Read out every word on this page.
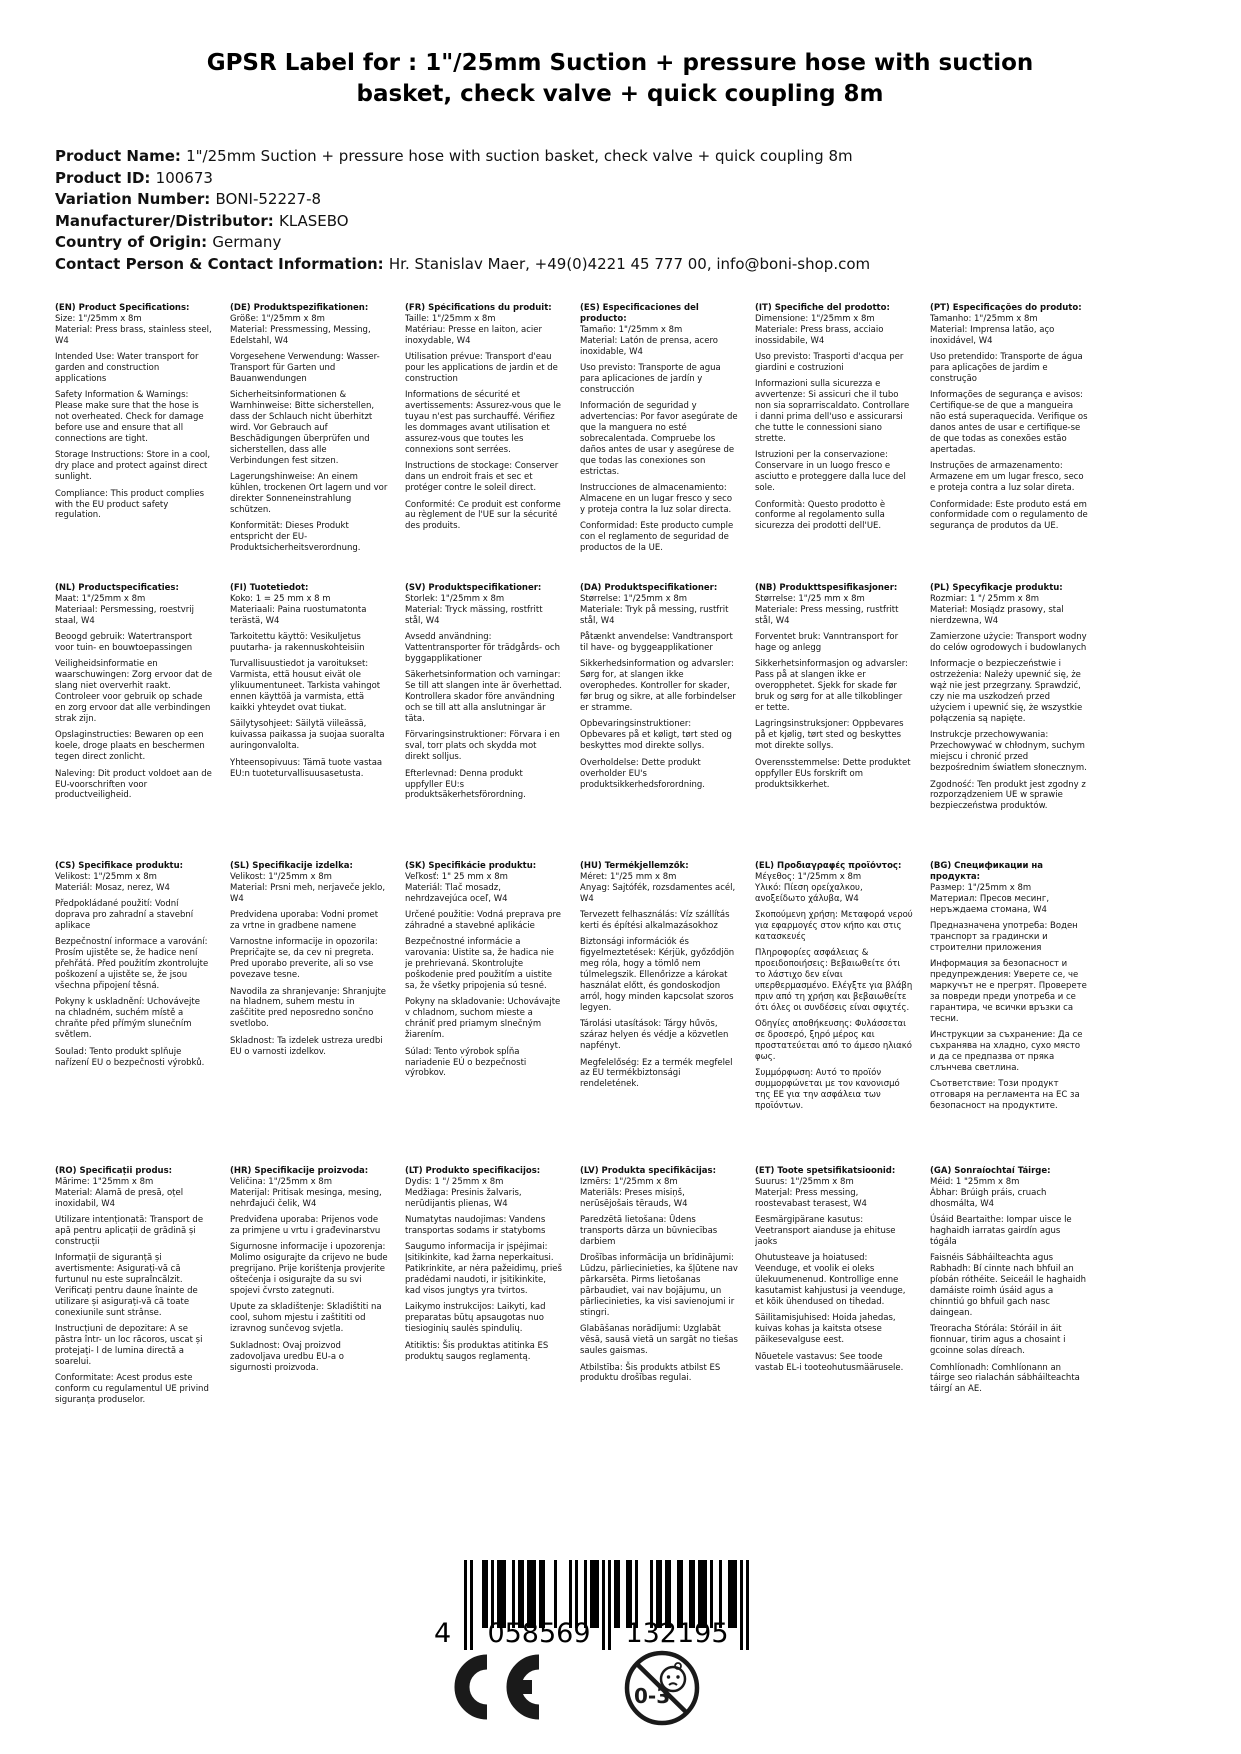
GPSR Label for : 1"/25mm Suction + pressure hose with suction basket, check valve + quick coupling 8m
Product Name: 1"/25mm Suction + pressure hose with suction basket, check valve + quick coupling 8m
Product ID: 100673
Variation Number: BONI-52227-8
Manufacturer/Distributor: KLASEBO
Country of Origin: Germany
Contact Person & Contact Information: Hr. Stanislav Maer, +49(0)4221 45 777 00, info@boni-shop.com
(EN) Product Specifications:
Size: 1"/25mm x 8m
Material: Press brass, stainless steel, W4
Intended Use: Water transport for garden and construction applications
Safety Information & Warnings: Please make sure that the hose is not overheated. Check for damage before use and ensure that all connections are tight.
Storage Instructions: Store in a cool, dry place and protect against direct sunlight.
Compliance: This product complies with the EU product safety regulation.
(DE) Produktspezifikationen:
Größe: 1"/25mm x 8m
Material: Pressmessing, Messing, Edelstahl, W4
Vorgesehene Verwendung: Wasser-Transport für Garten und Bauanwendungen
Sicherheitsinformationen & Warnhinweise: Bitte sicherstellen, dass der Schlauch nicht überhitzt wird. Vor Gebrauch auf Beschädigungen überprüfen und sicherstellen, dass alle Verbindungen fest sitzen.
Lagerungshinweise: An einem kühlen, trockenen Ort lagern und vor direkter Sonneneinstrahlung schützen.
Konformität: Dieses Produkt entspricht der EU-Produktsicherheitsverordnung.
(FR) Spécifications du produit:
Taille: 1"/25mm x 8m
Matériau: Presse en laiton, acier inoxydable, W4
Utilisation prévue: Transport d'eau pour les applications de jardin et de construction
Informations de sécurité et avertissements: Assurez-vous que le tuyau n'est pas surchauffé. Vérifiez les dommages avant utilisation et assurez-vous que toutes les connexions sont serrées.
Instructions de stockage: Conserver dans un endroit frais et sec et protéger contre le soleil direct.
Conformité: Ce produit est conforme au règlement de l'UE sur la sécurité des produits.
(ES) Especificaciones del producto:
Tamaño: 1"/25mm x 8m
Material: Latón de prensa, acero inoxidable, W4
Uso previsto: Transporte de agua para aplicaciones de jardín y construcción
Información de seguridad y advertencias: Por favor asegúrate de que la manguera no esté sobrecalentada. Compruebe los daños antes de usar y asegúrese de que todas las conexiones son estrictas.
Instrucciones de almacenamiento: Almacene en un lugar fresco y seco y proteja contra la luz solar directa.
Conformidad: Este producto cumple con el reglamento de seguridad de productos de la UE.
(IT) Specifiche del prodotto:
Dimensione: 1"/25mm x 8m
Materiale: Press brass, acciaio inossidabile, W4
Uso previsto: Trasporti d'acqua per giardini e costruzioni
Informazioni sulla sicurezza e avvertenze: Si assicuri che il tubo non sia soprarriscaldato. Controllare i danni prima dell'uso e assicurarsi che tutte le connessioni siano strette.
Istruzioni per la conservazione: Conservare in un luogo fresco e asciutto e proteggere dalla luce del sole.
Conformità: Questo prodotto è conforme al regolamento sulla sicurezza dei prodotti dell'UE.
(PT) Especificações do produto:
Tamanho: 1"/25mm x 8m
Material: Imprensa latão, aço inoxidável, W4
Uso pretendido: Transporte de água para aplicações de jardim e construção
Informações de segurança e avisos: Certifique-se de que a mangueira não está superaquecida. Verifique os danos antes de usar e certifique-se de que todas as conexões estão apertadas.
Instruções de armazenamento: Armazene em um lugar fresco, seco e proteja contra a luz solar direta.
Conformidade: Este produto está em conformidade com o regulamento de segurança de produtos da UE.
(NL) Productspecificaties:
Maat: 1"/25mm x 8m
Materiaal: Persmessing, roestvrij staal, W4
Beoogd gebruik: Watertransport voor tuin- en bouwtoepassingen
Veiligheidsinformatie en waarschuwingen: Zorg ervoor dat de slang niet oververhit raakt. Controleer voor gebruik op schade en zorg ervoor dat alle verbindingen strak zijn.
Opslaginstructies: Bewaren op een koele, droge plaats en beschermen tegen direct zonlicht.
Naleving: Dit product voldoet aan de EU-voorschriften voor productveiligheid.
(FI) Tuotetiedot:
Koko: 1 = 25 mm x 8 m
Materiaali: Paina ruostumatonta terästä, W4
Tarkoitettu käyttö: Vesikuljetus puutarha- ja rakennuskohteisiin
Turvallisuustiedot ja varoitukset: Varmista, että housut eivät ole ylikuumentuneet. Tarkista vahingot ennen käyttöä ja varmista, että kaikki yhteydet ovat tiukat.
Säilytysohjeet: Säilytä viileässä, kuivassa paikassa ja suojaa suoralta auringonvalolta.
Yhteensopivuus: Tämä tuote vastaa EU:n tuoteturvallisuusasetusta.
(SV) Produktspecifikationer:
Storlek: 1"/25mm x 8m
Material: Tryck mässing, rostfritt stål, W4
Avsedd användning: Vattentransporter för trädgårds- och byggapplikationer
Säkerhetsinformation och varningar: Se till att slangen inte är överhettad. Kontrollera skador före användning och se till att alla anslutningar är täta.
Förvaringsinstruktioner: Förvara i en sval, torr plats och skydda mot direkt solljus.
Efterlevnad: Denna produkt uppfyller EU:s produktsäkerhetsförordning.
(DA) Produktspecifikationer:
Størrelse: 1"/25mm x 8m
Materiale: Tryk på messing, rustfrit stål, W4
Påtænkt anvendelse: Vandtransport til have- og byggeapplikationer
Sikkerhedsinformation og advarsler: Sørg for, at slangen ikke overophedes. Kontroller for skader, før brug og sikre, at alle forbindelser er stramme.
Opbevaringsinstruktioner: Opbevares på et køligt, tørt sted og beskyttes mod direkte sollys.
Overholdelse: Dette produkt overholder EU's produktsikkerhedsforordning.
(NB) Produkttspesifikasjoner:
Størrelse: 1"/25 mm x 8m
Materiale: Press messing, rustfritt stål, W4
Forventet bruk: Vanntransport for hage og anlegg
Sikkerhetsinformasjon og advarsler: Pass på at slangen ikke er overopphetet. Sjekk for skade før bruk og sørg for at alle tilkoblinger er tette.
Lagringsinstruksjoner: Oppbevares på et kjølig, tørt sted og beskyttes mot direkte sollys.
Overensstemmelse: Dette produktet oppfyller EUs forskrift om produktsikkerhet.
(PL) Specyfikacje produktu:
Rozmiar: 1 "/ 25mm x 8m
Materiał: Mosiądz prasowy, stal nierdzewna, W4
Zamierzone użycie: Transport wodny do celów ogrodowych i budowlanych
Informacje o bezpieczeństwie i ostrzeżenia: Należy upewnić się, że wąż nie jest przegrzany. Sprawdzić, czy nie ma uszkodzeń przed użyciem i upewnić się, że wszystkie połączenia są napięte.
Instrukcje przechowywania: Przechowywać w chłodnym, suchym miejscu i chronić przed bezpośrednim światłem słonecznym.
Zgodność: Ten produkt jest zgodny z rozporządzeniem UE w sprawie bezpieczeństwa produktów.
(CS) Specifikace produktu:
Velikost: 1"/25mm x 8m
Materiál: Mosaz, nerez, W4
Předpokládané použití: Vodní doprava pro zahradní a stavební aplikace
Bezpečnostní informace a varování: Prosím ujistěte se, že hadice není přehřátá. Před použitím zkontrolujte poškození a ujistěte se, že jsou všechna připojení těsná.
Pokyny k uskladnění: Uchovávejte na chladném, suchém místě a chraňte před přímým slunečním světlem.
Soulad: Tento produkt splňuje nařízení EU o bezpečnosti výrobků.
(SL) Specifikacije izdelka:
Velikost: 1"/25mm x 8m
Material: Prsni meh, nerjaveče jeklo, W4
Predvidena uporaba: Vodni promet za vrtne in gradbene namene
Varnostne informacije in opozorila: Prepričajte se, da cev ni pregreta. Pred uporabo preverite, ali so vse povezave tesne.
Navodila za shranjevanje: Shranjujte na hladnem, suhem mestu in zaščitite pred neposredno sončno svetlobo.
Skladnost: Ta izdelek ustreza uredbi EU o varnosti izdelkov.
(SK) Špecifikácie produktu:
Veľkosť: 1" 25 mm x 8m
Materiál: Tlač mosadz, nehrdzavejúca oceľ, W4
Určené použitie: Vodná preprava pre záhradné a stavebné aplikácie
Bezpečnostné informácie a varovania: Uistite sa, že hadica nie je prehrievaná. Skontrolujte poškodenie pred použitím a uistite sa, že všetky pripojenia sú tesné.
Pokyny na skladovanie: Uchovávajte v chladnom, suchom mieste a chrániť pred priamym slnečným žiarením.
Súlad: Tento výrobok spĺňa nariadenie EÚ o bezpečnosti výrobkov.
(HU) Termékjellemzők:
Méret: 1"/25 mm x 8m
Anyag: Sajtófék, rozsdamentes acél, W4
Tervezett felhasználás: Víz szállítás kerti és építési alkalmazásokhoz
Biztonsági információk és figyelmeztetések: Kérjük, győződjön meg róla, hogy a tömlő nem túlmelegszik. Ellenőrizze a károkat használat előtt, és gondoskodjon arról, hogy minden kapcsolat szoros legyen.
Tárolási utasítások: Tárgy hűvös, száraz helyen és védje a közvetlen napfényt.
Megfelelőség: Ez a termék megfelel az EU termékbiztonsági rendeletének.
(EL) Προδιαγραφές προϊόντος:
Μέγεθος: 1"/25mm x 8m
Υλικό: Πίεση ορείχαλκου, ανοξείδωτο χάλυβα, W4
Σκοπούμενη χρήση: Μεταφορά νερού για εφαρμογές στον κήπο και στις κατασκευές
Πληροφορίες ασφάλειας & προειδοποιήσεις: Βεβαιωθείτε ότι το λάστιχο δεν είναι υπερθερμασμένο. Ελέγξτε για βλάβη πριν από τη χρήση και βεβαιωθείτε ότι όλες οι συνδέσεις είναι σφιχτές.
Οδηγίες αποθήκευσης: Φυλάσσεται σε δροσερό, ξηρό μέρος και προστατεύεται από το άμεσο ηλιακό φως.
Συμμόρφωση: Αυτό το προϊόν συμμορφώνεται με τον κανονισμό της ΕΕ για την ασφάλεια των προϊόντων.
(BG) Спецификации на продукта:
Размер: 1"/25mm x 8m
Материал: Пресов месинг, неръждаема стомана, W4
Предназначена употреба: Воден транспорт за градински и строителни приложения
Информация за безопасност и предупреждения: Уверете се, че маркучът не е прегрят. Проверете за повреди преди употреба и се гарантира, че всички връзки са тесни.
Инструкции за съхранение: Да се съхранява на хладно, сухо място и да се предпазва от пряка слънчева светлина.
Съответствие: Този продукт отговаря на регламента на ЕС за безопасност на продуктите.
(RO) Specificații produs:
Mărime: 1"25mm x 8m
Material: Alamă de presă, oțel inoxidabil, W4
Utilizare intenționată: Transport de apă pentru aplicații de grădină și construcții
Informații de siguranță și avertismente: Asigurați-vă că furtunul nu este supraîncălzit. Verificați pentru daune înainte de utilizare și asigurați-vă că toate conexiunile sunt strânse.
Instrucțiuni de depozitare: A se păstra într- un loc răcoros, uscat și protejați- l de lumina directă a soarelui.
Conformitate: Acest produs este conform cu regulamentul UE privind siguranța produselor.
(HR) Specifikacije proizvoda:
Veličina: 1"/25mm x 8m
Materijal: Pritisak mesinga, mesing, nehrđajući čelik, W4
Predviđena uporaba: Prijenos vode za primjene u vrtu i građevinarstvu
Sigurnosne informacije i upozorenja: Molimo osigurajte da crijevo ne bude pregrijano. Prije korištenja provjerite oštećenja i osigurajte da su svi spojevi čvrsto zategnuti.
Upute za skladištenje: Skladištiti na cool, suhom mjestu i zaštititi od izravnog sunčevog svjetla.
Sukladnost: Ovaj proizvod zadovoljava uredbu EU-a o sigurnosti proizvoda.
(LT) Produkto specifikacijos:
Dydis: 1 "/ 25mm x 8m
Medžiaga: Presinis žalvaris, nerūdijantis plienas, W4
Numatytas naudojimas: Vandens transportas sodams ir statyboms
Saugumo informacija ir įspėjimai: Įsitikinkite, kad žarna neperkaitusi. Patikrinkite, ar nėra pažeidimų, prieš pradėdami naudoti, ir įsitikinkite, kad visos jungtys yra tvirtos.
Laikymo instrukcijos: Laikyti, kad preparatas būtų apsaugotas nuo tiesioginių saulės spindulių.
Atitiktis: Šis produktas atitinka ES produktų saugos reglamentą.
(LV) Produkta specifikācijas:
Izmērs: 1"/25mm x 8m
Materiāls: Preses misiņš, nerūsējošais tērauds, W4
Paredzētā lietošana: Ūdens transports dārza un būvniecības darbiem
Drošības informācija un brīdinājumi: Lūdzu, pārliecinieties, ka šļūtene nav pārkarsēta. Pirms lietošanas pārbaudiet, vai nav bojājumu, un pārliecinieties, ka visi savienojumi ir stingri.
Glabāšanas norādījumi: Uzglabāt vēsā, sausā vietā un sargāt no tiešas saules gaismas.
Atbilstība: Šis produkts atbilst ES produktu drošības regulai.
(ET) Toote spetsifikatsioonid:
Suurus: 1"/25mm x 8m
Materjal: Press messing, roostevabast terasest, W4
Eesmärgipärane kasutus: Veetransport aianduse ja ehituse jaoks
Ohutusteave ja hoiatused: Veenduge, et voolik ei oleks ülekuumenenud. Kontrollige enne kasutamist kahjustusi ja veenduge, et kõik ühendused on tihedad.
Säilitamisjuhised: Hoida jahedas, kuivas kohas ja kaitsta otsese päikesevalguse eest.
Nõuetele vastavus: See toode vastab EL-i tooteohutusmäärusele.
(GA) Sonraíochtaí Táirge:
Méid: 1 "25mm x 8m
Ábhar: Brúigh práis, cruach dhosmálta, W4
Úsáid Beartaithe: Iompar uisce le haghaidh iarratas gairdín agus tógála
Faisnéis Sábháilteachta agus Rabhadh: Bí cinnte nach bhfuil an píobán róthéite. Seiceáil le haghaidh damáiste roimh úsáid agus a chinntiú go bhfuil gach nasc daingean.
Treoracha Stórála: Stóráil in áit fionnuar, tirim agus a chosaint i gcoinne solas díreach.
Comhlíonadh: Comhlíonann an táirge seo rialachán sábháilteachta táirgí an AE.
4	058569	132195
0-3
